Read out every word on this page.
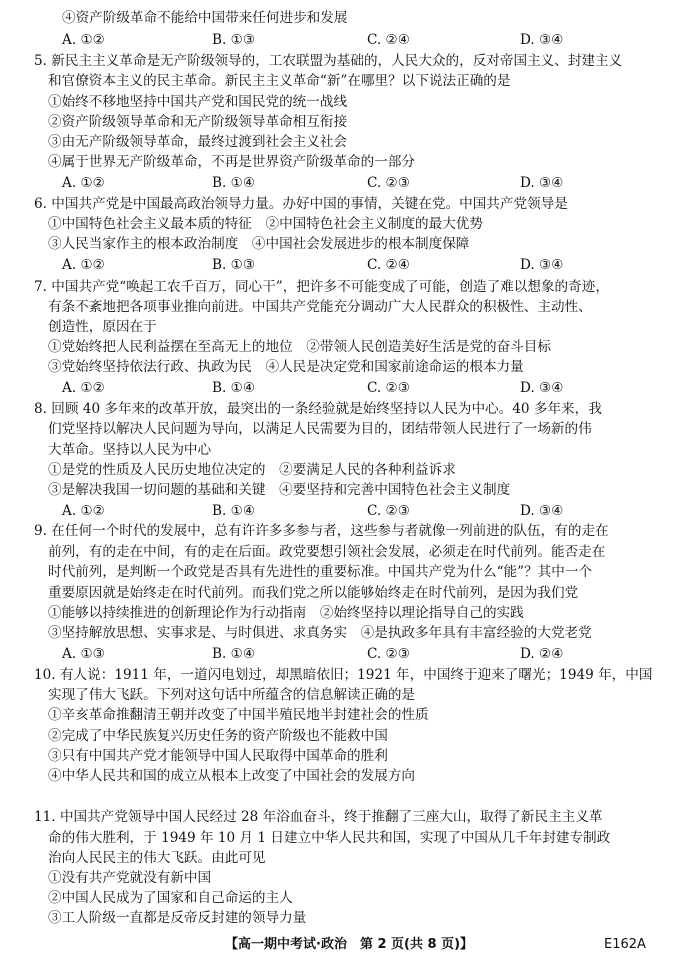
④资产阶级革命不能给中国带来任何进步和发展
A. ①②	B. ①③	C. ②④	D. ③④
5. 新民主主义革命是无产阶级领导的，工农联盟为基础的，人民大众的，反对帝国主义、封建主义
和官僚资本主义的民主革命。新民主主义革命“新”在哪里？以下说法正确的是
①始终不移地坚持中国共产党和国民党的统一战线
②资产阶级领导革命和无产阶级领导革命相互衔接
③由无产阶级领导革命，最终过渡到社会主义社会
④属于世界无产阶级革命，不再是世界资产阶级革命的一部分
A. ①②	B. ①④	C. ②③	D. ③④
6. 中国共产党是中国最高政治领导力量。办好中国的事情，关键在党。中国共产党领导是
①中国特色社会主义最本质的特征　②中国特色社会主义制度的最大优势
③人民当家作主的根本政治制度　④中国社会发展进步的根本制度保障
A. ①②	B. ①③	C. ②④	D. ③④
7. 中国共产党“唤起工农千百万，同心干”，把许多不可能变成了可能，创造了难以想象的奇迹，
有条不紊地把各项事业推向前进。中国共产党能充分调动广大人民群众的积极性、主动性、
创造性，原因在于
①党始终把人民利益摆在至高无上的地位　②带领人民创造美好生活是党的奋斗目标
③党始终坚持依法行政、执政为民　④人民是决定党和国家前途命运的根本力量
A. ①②	B. ①④	C. ②③	D. ③④
8. 回顾 40 多年来的改革开放，最突出的一条经验就是始终坚持以人民为中心。40 多年来，我
们党坚持以解决人民问题为导向，以满足人民需要为目的，团结带领人民进行了一场新的伟
大革命。坚持以人民为中心
①是党的性质及人民历史地位决定的　②要满足人民的各种利益诉求
③是解决我国一切问题的基础和关键　④要坚持和完善中国特色社会主义制度
A. ①②	B. ①④	C. ②③	D. ③④
9. 在任何一个时代的发展中，总有许许多多参与者，这些参与者就像一列前进的队伍，有的走在
前列，有的走在中间，有的走在后面。政党要想引领社会发展，必须走在时代前列。能否走在
时代前列，是判断一个政党是否具有先进性的重要标准。中国共产党为什么“能”？其中一个
重要原因就是始终走在时代前列。而我们党之所以能够始终走在时代前列，是因为我们党
①能够以持续推进的创新理论作为行动指南　②始终坚持以理论指导自己的实践
③坚持解放思想、实事求是、与时俱进、求真务实　④是执政多年具有丰富经验的大党老党
A. ①③	B. ①④	C. ②③	D. ②④
10. 有人说：1911 年，一道闪电划过，却黑暗依旧；1921 年，中国终于迎来了曙光；1949 年，中国
实现了伟大飞跃。下列对这句话中所蕴含的信息解读正确的是
①辛亥革命推翻清王朝并改变了中国半殖民地半封建社会的性质
②完成了中华民族复兴历史任务的资产阶级也不能救中国
③只有中国共产党才能领导中国人民取得中国革命的胜利
④中华人民共和国的成立从根本上改变了中国社会的发展方向
11. 中国共产党领导中国人民经过 28 年浴血奋斗，终于推翻了三座大山，取得了新民主主义革
命的伟大胜利，于 1949 年 10 月 1 日建立中华人民共和国，实现了中国从几千年封建专制政
治向人民民主的伟大飞跃。由此可见
①没有共产党就没有新中国
②中国人民成为了国家和自己命运的主人
③工人阶级一直都是反帝反封建的领导力量
【高一期中考试·政治　第 2 页(共 8 页)】	E162A
